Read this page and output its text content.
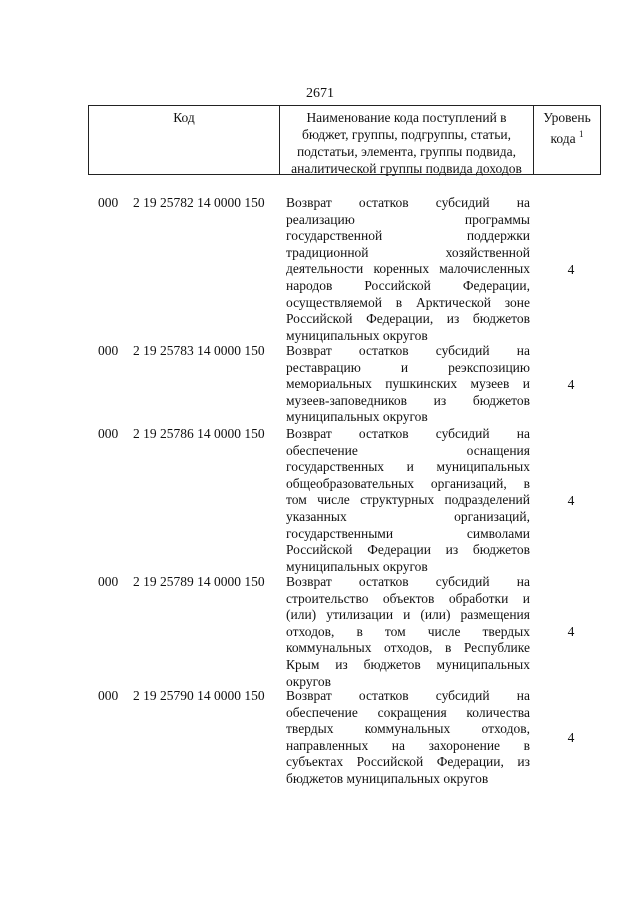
2671
Код	Наименование кода поступлений в
бюджет, группы, подгруппы, статьи,
подстатьи, элемента, группы подвида,
аналитической группы подвида доходов
Уровень
кода $^1$
000 2 19 25782 14 0000 150 Возврат остатков субсидий на
реализацию программы
государственной поддержки
традиционной хозяйственной
деятельности коренных малочисленных
народов Российской Федерации,
осуществляемой в Арктической зоне
Российской Федерации, из бюджетов
муниципальных округов
4
000 2 19 25783 14 0000 150 Возврат остатков субсидий на
реставрацию и реэкспозицию
мемориальных пушкинских музеев и
музеев-заповедников из бюджетов
муниципальных округов
4
000 2 19 25786 14 0000 150 Возврат остатков субсидий на
обеспечение оснащения
государственных и муниципальных
общеобразовательных организаций, в
том числе структурных подразделений
указанных организаций,
государственными символами
Российской Федерации из бюджетов
муниципальных округов
4
000 2 19 25789 14 0000 150 Возврат остатков субсидий на
строительство объектов обработки и
(или) утилизации и (или) размещения
отходов, в том числе твердых
коммунальных отходов, в Республике
Крым из бюджетов муниципальных
округов
4
000 2 19 25790 14 0000 150 Возврат остатков субсидий на
обеспечение сокращения количества
твердых коммунальных отходов,
направленных на захоронение в
субъектах Российской Федерации, из
бюджетов муниципальных округов
4
